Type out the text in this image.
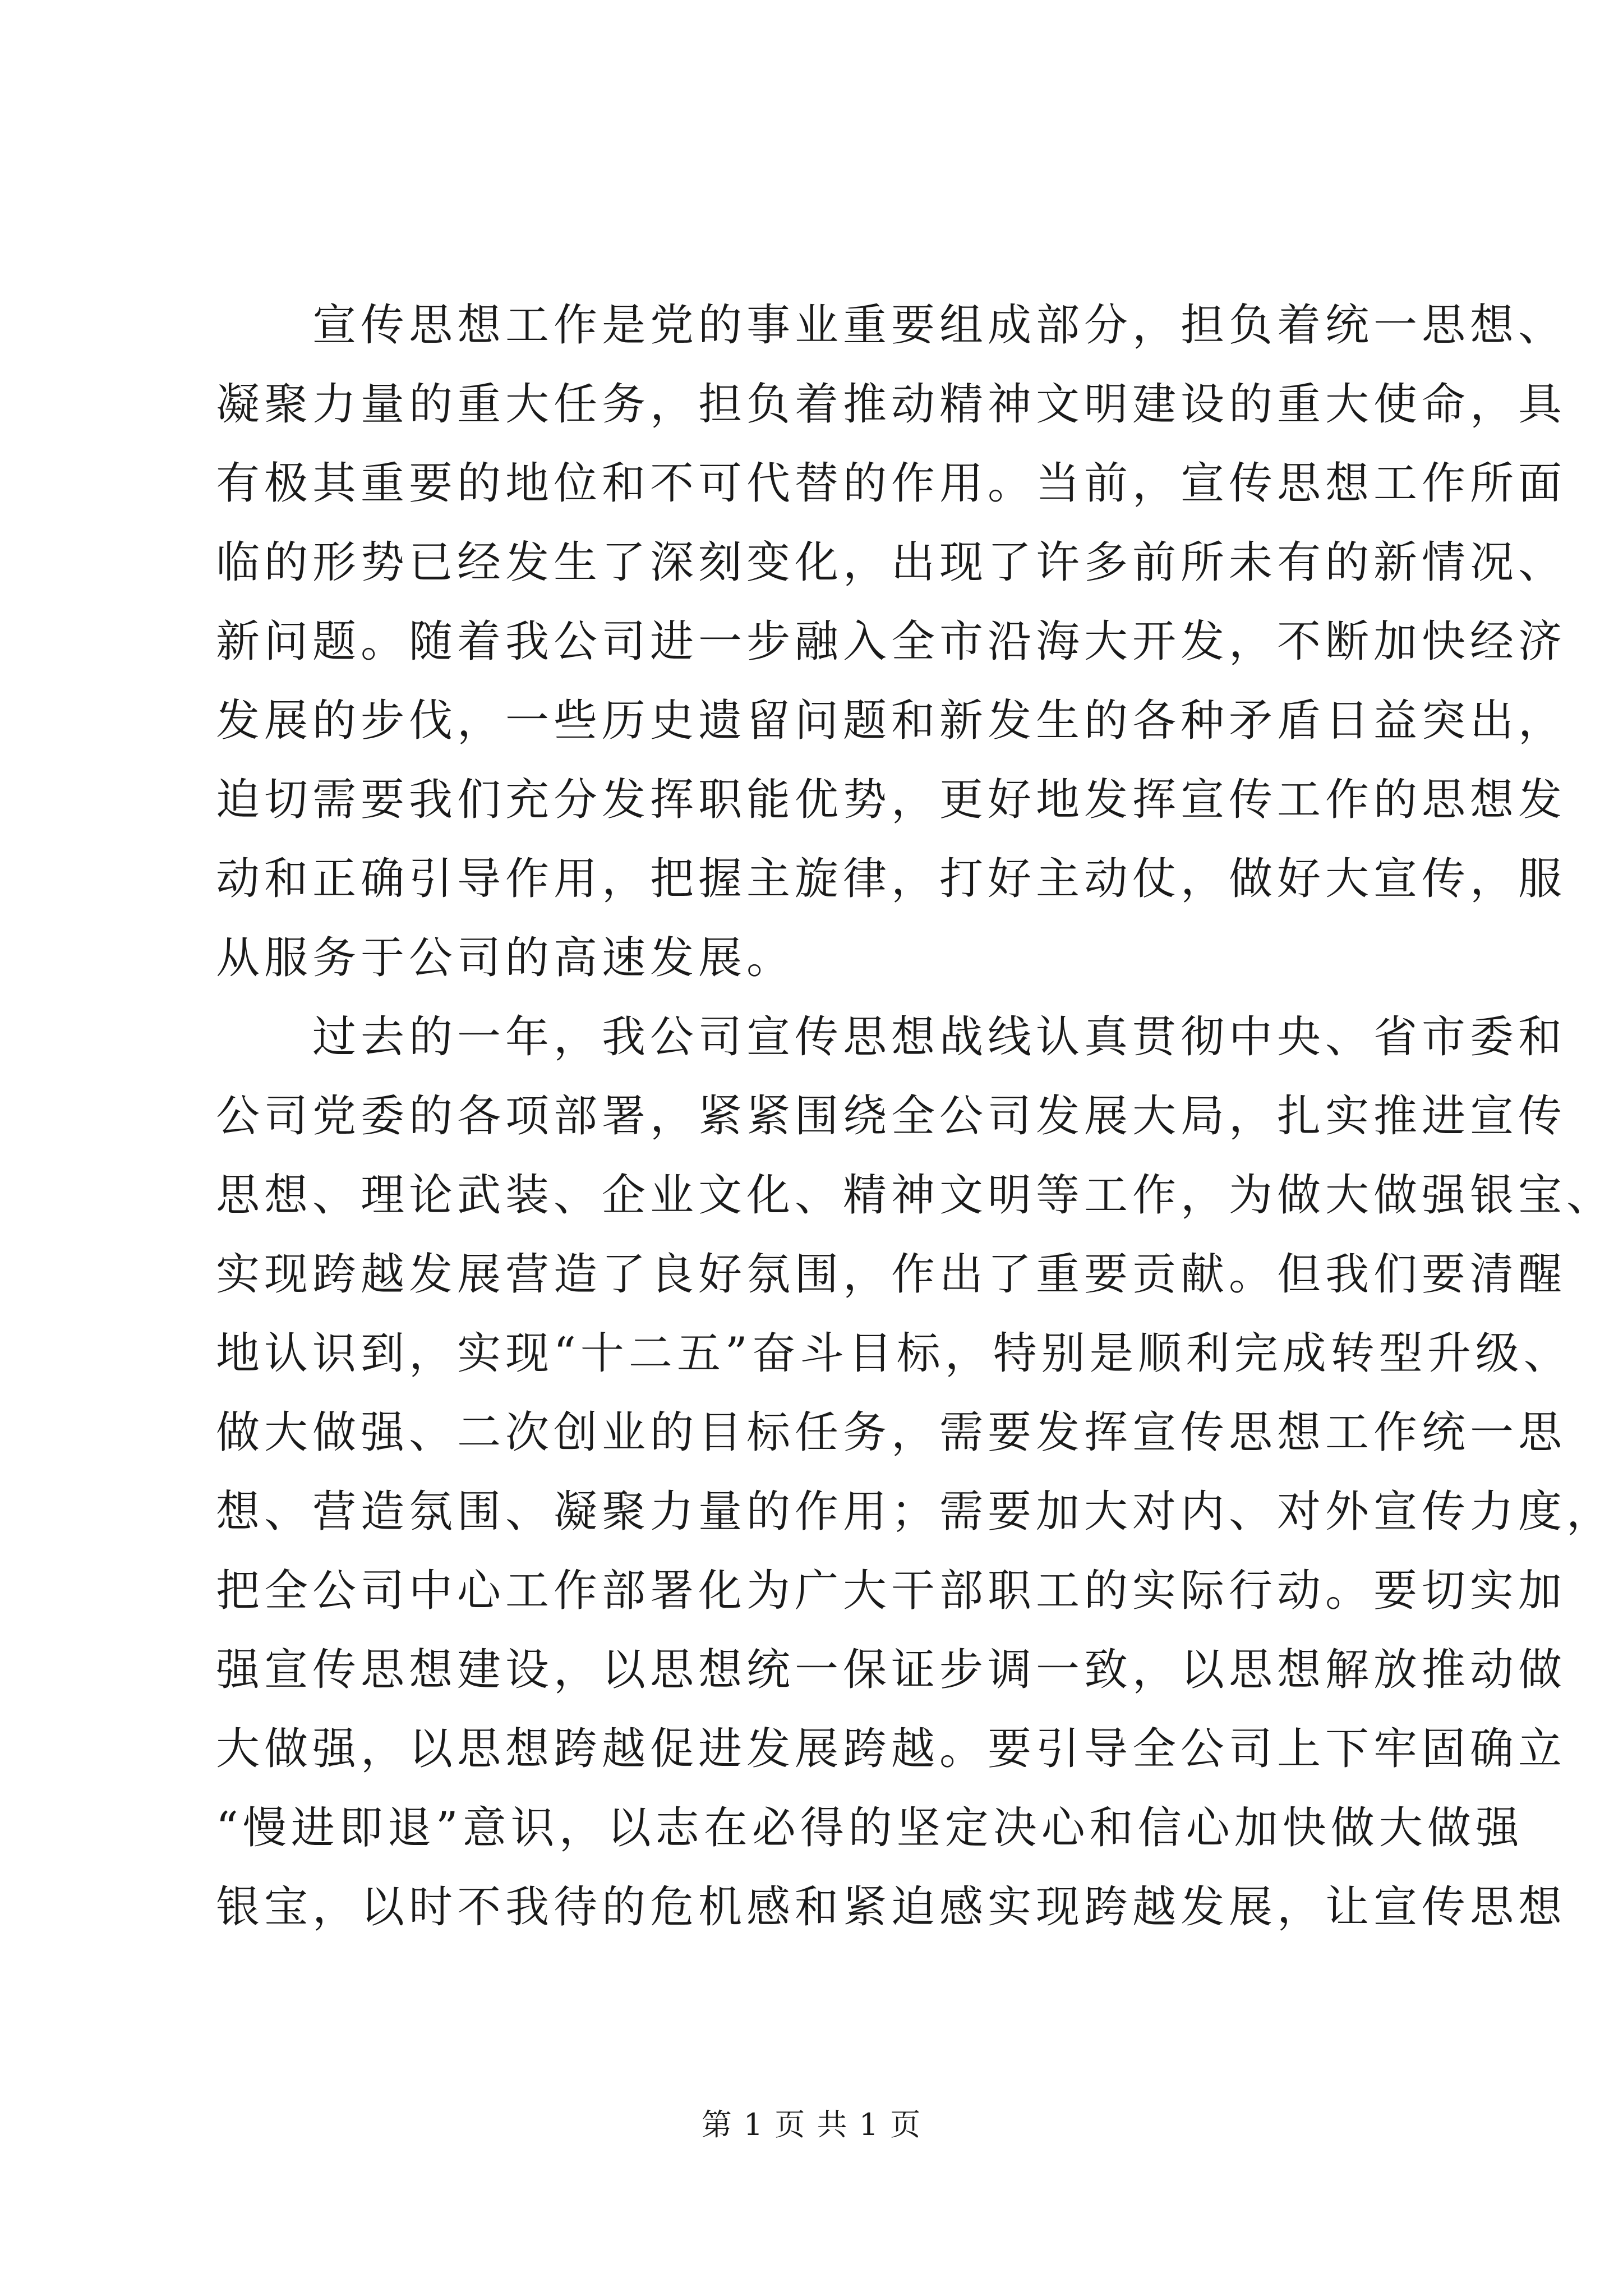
　　宣传思想工作是党的事业重要组成部分，担负着统一思想、
凝聚力量的重大任务，担负着推动精神文明建设的重大使命，具
有极其重要的地位和不可代替的作用。当前，宣传思想工作所面
临的形势已经发生了深刻变化，出现了许多前所未有的新情况、
新问题。随着我公司进一步融入全市沿海大开发，不断加快经济
发展的步伐，一些历史遗留问题和新发生的各种矛盾日益突出，
迫切需要我们充分发挥职能优势，更好地发挥宣传工作的思想发
动和正确引导作用，把握主旋律，打好主动仗，做好大宣传，服
从服务于公司的高速发展。
　　过去的一年，我公司宣传思想战线认真贯彻中央、省市委和
公司党委的各项部署，紧紧围绕全公司发展大局，扎实推进宣传
思想、理论武装、企业文化、精神文明等工作，为做大做强银宝、
实现跨越发展营造了良好氛围，作出了重要贡献。但我们要清醒
地认识到，实现“十二五”奋斗目标，特别是顺利完成转型升级、
做大做强、二次创业的目标任务，需要发挥宣传思想工作统一思
想、营造氛围、凝聚力量的作用；需要加大对内、对外宣传力度，
把全公司中心工作部署化为广大干部职工的实际行动。要切实加
强宣传思想建设，以思想统一保证步调一致，以思想解放推动做
大做强，以思想跨越促进发展跨越。要引导全公司上下牢固确立
“慢进即退”意识，以志在必得的坚定决心和信心加快做大做强
银宝，以时不我待的危机感和紧迫感实现跨越发展，让宣传思想
第 1 页 共 1 页
